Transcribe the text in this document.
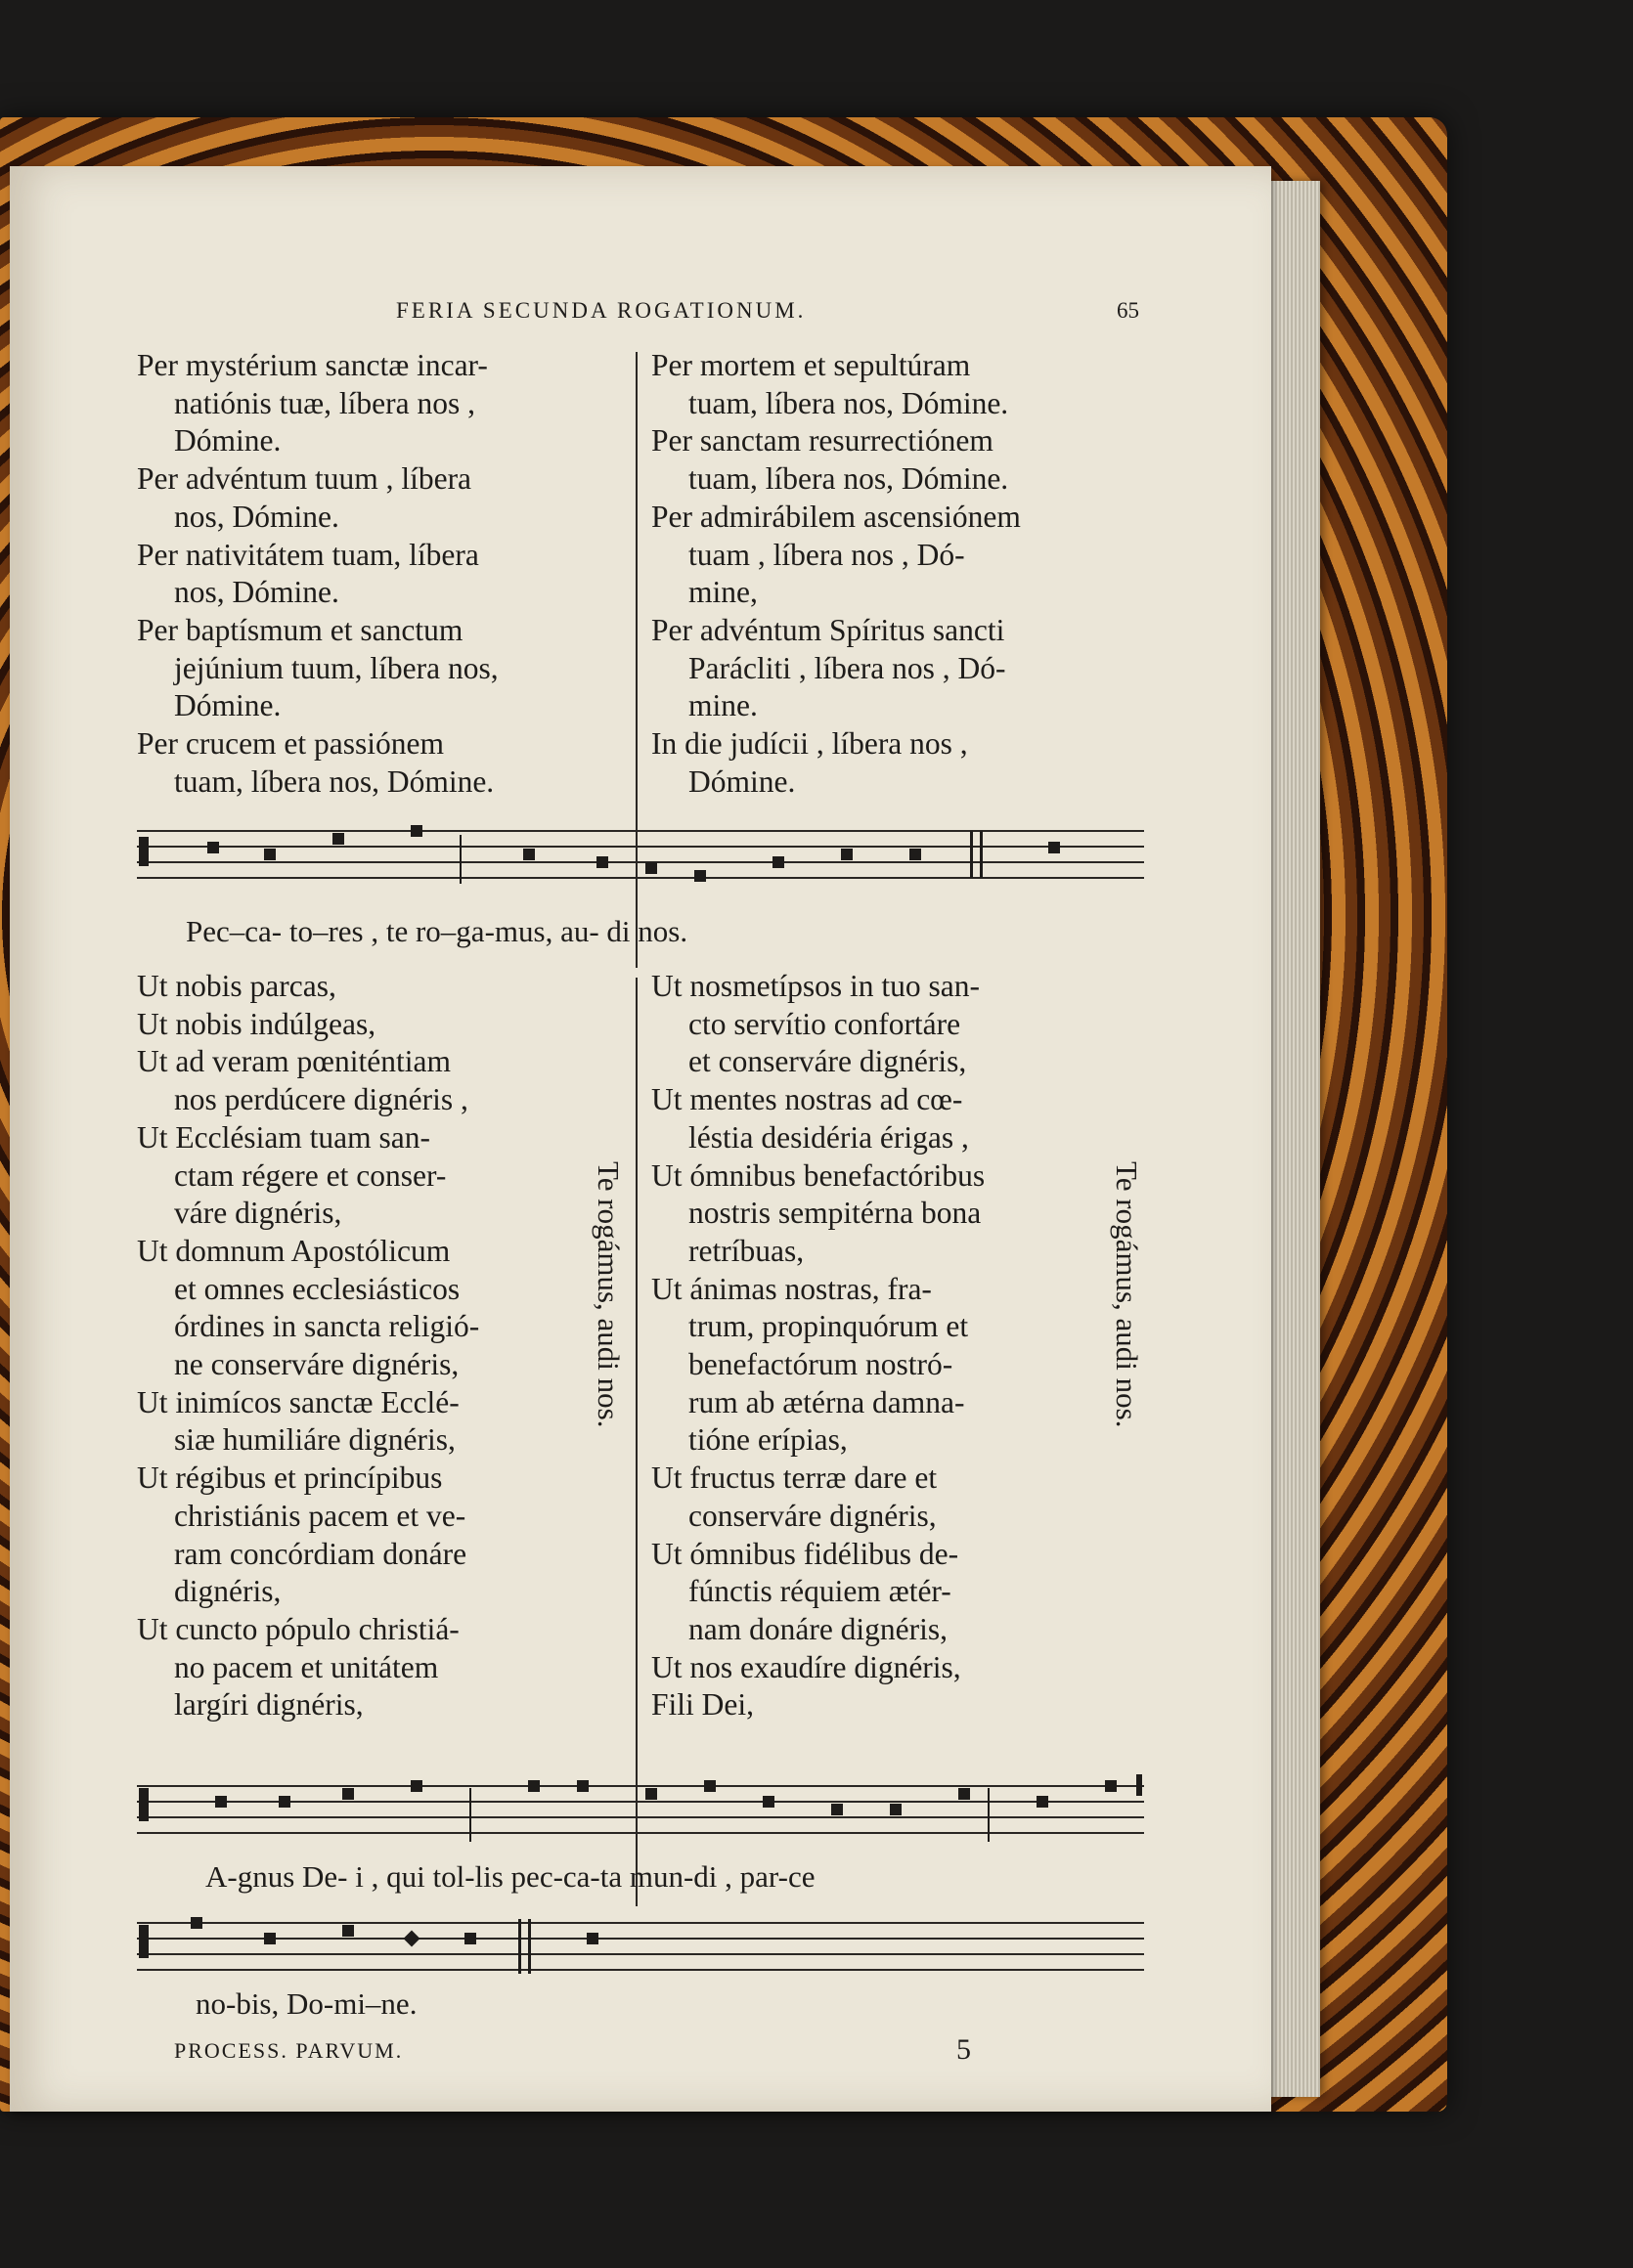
FERIA SECUNDA ROGATIONUM.	65
Per mystérium sanctæ incar-
natiónis tuæ, líbera nos ,
Dómine.
Per advéntum tuum , líbera
nos, Dómine.
Per nativitátem tuam, líbera
nos, Dómine.
Per baptísmum et sanctum
jejúnium tuum, líbera nos,
Dómine.
Per crucem et passiónem
tuam, líbera nos, Dómine.
Per mortem et sepultúram
tuam, líbera nos, Dómine.
Per sanctam resurrectiónem
tuam, líbera nos, Dómine.
Per admirábilem ascensiónem
tuam , líbera nos , Dó-
mine,
Per advéntum Spíritus sancti
Parácliti , líbera nos , Dó-
mine.
In die judícii , líbera nos ,
Dómine.
Pec–ca- to–res , te ro–ga-mus, au- di nos.
Ut nobis parcas,
Ut nobis indúlgeas,
Ut ad veram pœniténtiam
nos perdúcere dignéris ,
Ut Ecclésiam tuam san-
ctam régere et conser-
váre dignéris,
Ut domnum Apostólicum
et omnes ecclesiásticos
órdines in sancta religió-
ne conserváre dignéris,
Ut inimícos sanctæ Ecclé-
siæ humiliáre dignéris,
Ut régibus et princípibus
christiánis pacem et ve-
ram concórdiam donáre
dignéris,
Ut cuncto pópulo christiá-
no pacem et unitátem
largíri dignéris,
Te rogámus, audi nos.
Ut nosmetípsos in tuo san-
cto servítio confortáre
et conserváre dignéris,
Ut mentes nostras ad cœ-
léstia desidéria érigas ,
Ut ómnibus benefactóribus
nostris sempitérna bona
retríbuas,
Ut ánimas nostras, fra-
trum, propinquórum et
benefactórum nostró-
rum ab ætérna damna-
tióne erípias,
Ut fructus terræ dare et
conserváre dignéris,
Ut ómnibus fidélibus de-
fúnctis réquiem ætér-
nam donáre dignéris,
Ut nos exaudíre dignéris,
Fili Dei,
Te rogámus, audi nos.
A-gnus De- i , qui tol-lis pec-ca-ta mun-di , par-ce
no-bis, Do-mi–ne.
PROCESS. PARVUM.	5
